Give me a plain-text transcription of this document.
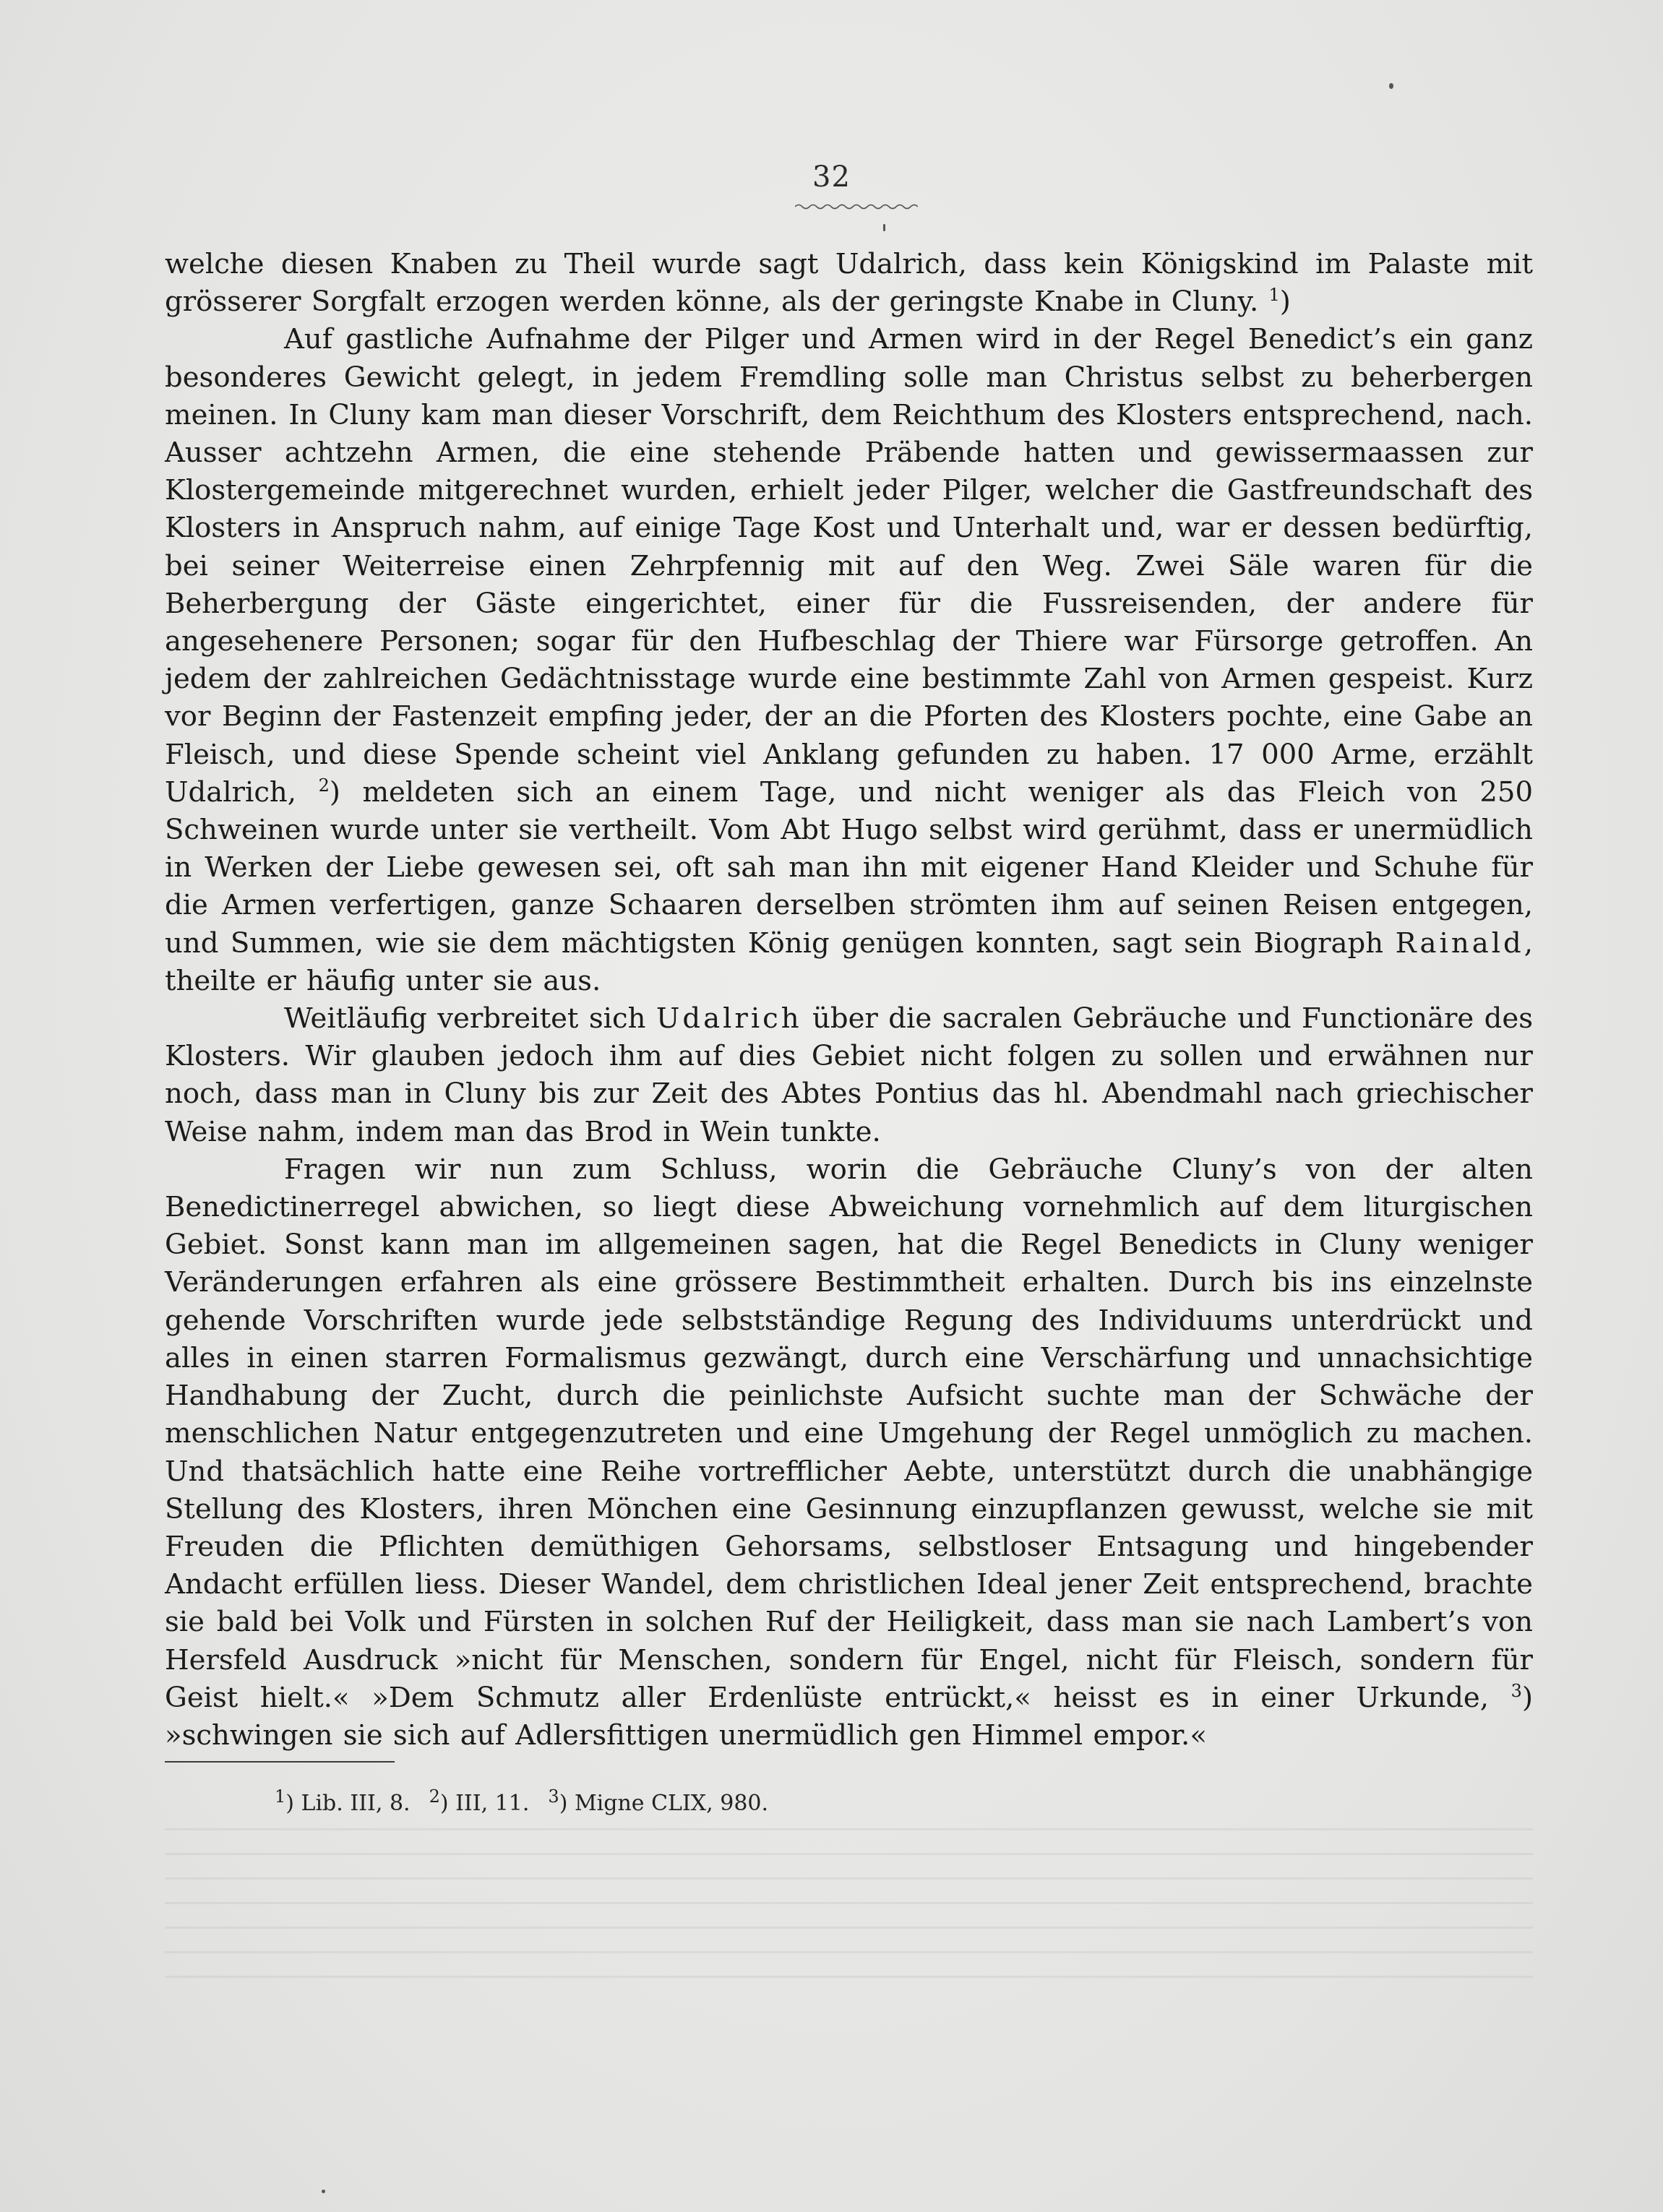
32

welche diesen Knaben zu Theil wurde sagt Udalrich, dass kein Königskind im Palaste mit grösserer Sorgfalt erzogen werden könne, als der geringste Knabe in Cluny. $^1$)

Auf gastliche Aufnahme der Pilger und Armen wird in der Regel Benedict’s ein ganz besonderes Gewicht gelegt, in jedem Fremdling solle man Christus selbst zu beherbergen meinen. In Cluny kam man dieser Vorschrift, dem Reichthum des Klosters entsprechend, nach. Ausser achtzehn Armen, die eine stehende Präbende hatten und gewissermaassen zur Klostergemeinde mitgerechnet wurden, erhielt jeder Pilger, welcher die Gastfreundschaft des Klosters in Anspruch nahm, auf einige Tage Kost und Unterhalt und, war er dessen bedürftig, bei seiner Weiterreise einen Zehrpfennig mit auf den Weg. Zwei Säle waren für die Beherbergung der Gäste eingerichtet, einer für die Fussreisenden, der andere für angesehenere Personen; sogar für den Hufbeschlag der Thiere war Fürsorge getroffen. An jedem der zahlreichen Gedächtnisstage wurde eine bestimmte Zahl von Armen gespeist. Kurz vor Beginn der Fastenzeit empfing jeder, der an die Pforten des Klosters pochte, eine Gabe an Fleisch, und diese Spende scheint viel Anklang gefunden zu haben. 17 000 Arme, erzählt Udalrich, $^2$) meldeten sich an einem Tage, und nicht weniger als das Fleich von 250 Schweinen wurde unter sie vertheilt. Vom Abt Hugo selbst wird gerühmt, dass er unermüdlich in Werken der Liebe gewesen sei, oft sah man ihn mit eigener Hand Kleider und Schuhe für die Armen verfertigen, ganze Schaaren derselben strömten ihm auf seinen Reisen entgegen, und Summen, wie sie dem mächtigsten König genügen konnten, sagt sein Biograph Rainald, theilte er häufig unter sie aus.

Weitläufig verbreitet sich Udalrich über die sacralen Gebräuche und Functionäre des Klosters. Wir glauben jedoch ihm auf dies Gebiet nicht folgen zu sollen und erwähnen nur noch, dass man in Cluny bis zur Zeit des Abtes Pontius das hl. Abendmahl nach griechischer Weise nahm, indem man das Brod in Wein tunkte.

Fragen wir nun zum Schluss, worin die Gebräuche Cluny’s von der alten Benedictinerregel abwichen, so liegt diese Abweichung vornehmlich auf dem liturgischen Gebiet. Sonst kann man im allgemeinen sagen, hat die Regel Benedicts in Cluny weniger Veränderungen erfahren als eine grössere Bestimmtheit erhalten. Durch bis ins einzelnste gehende Vorschriften wurde jede selbstständige Regung des Individuums unterdrückt und alles in einen starren Formalismus gezwängt, durch eine Verschärfung und unnachsichtige Handhabung der Zucht, durch die peinlichste Aufsicht suchte man der Schwäche der menschlichen Natur entgegenzutreten und eine Umgehung der Regel unmöglich zu machen. Und thatsächlich hatte eine Reihe vortrefflicher Aebte, unterstützt durch die unabhängige Stellung des Klosters, ihren Mönchen eine Gesinnung einzupflanzen gewusst, welche sie mit Freuden die Pflichten demüthigen Gehorsams, selbstloser Entsagung und hingebender Andacht erfüllen liess. Dieser Wandel, dem christlichen Ideal jener Zeit entsprechend, brachte sie bald bei Volk und Fürsten in solchen Ruf der Heiligkeit, dass man sie nach Lambert’s von Hersfeld Ausdruck »nicht für Menschen, sondern für Engel, nicht für Fleisch, sondern für Geist hielt.« »Dem Schmutz aller Erdenlüste entrückt,« heisst es in einer Urkunde, $^3$) »schwingen sie sich auf Adlersfittigen unermüdlich gen Himmel empor.«

$^1$) Lib. III, 8. $^2$) III, 11. $^3$) Migne CLIX, 980.
